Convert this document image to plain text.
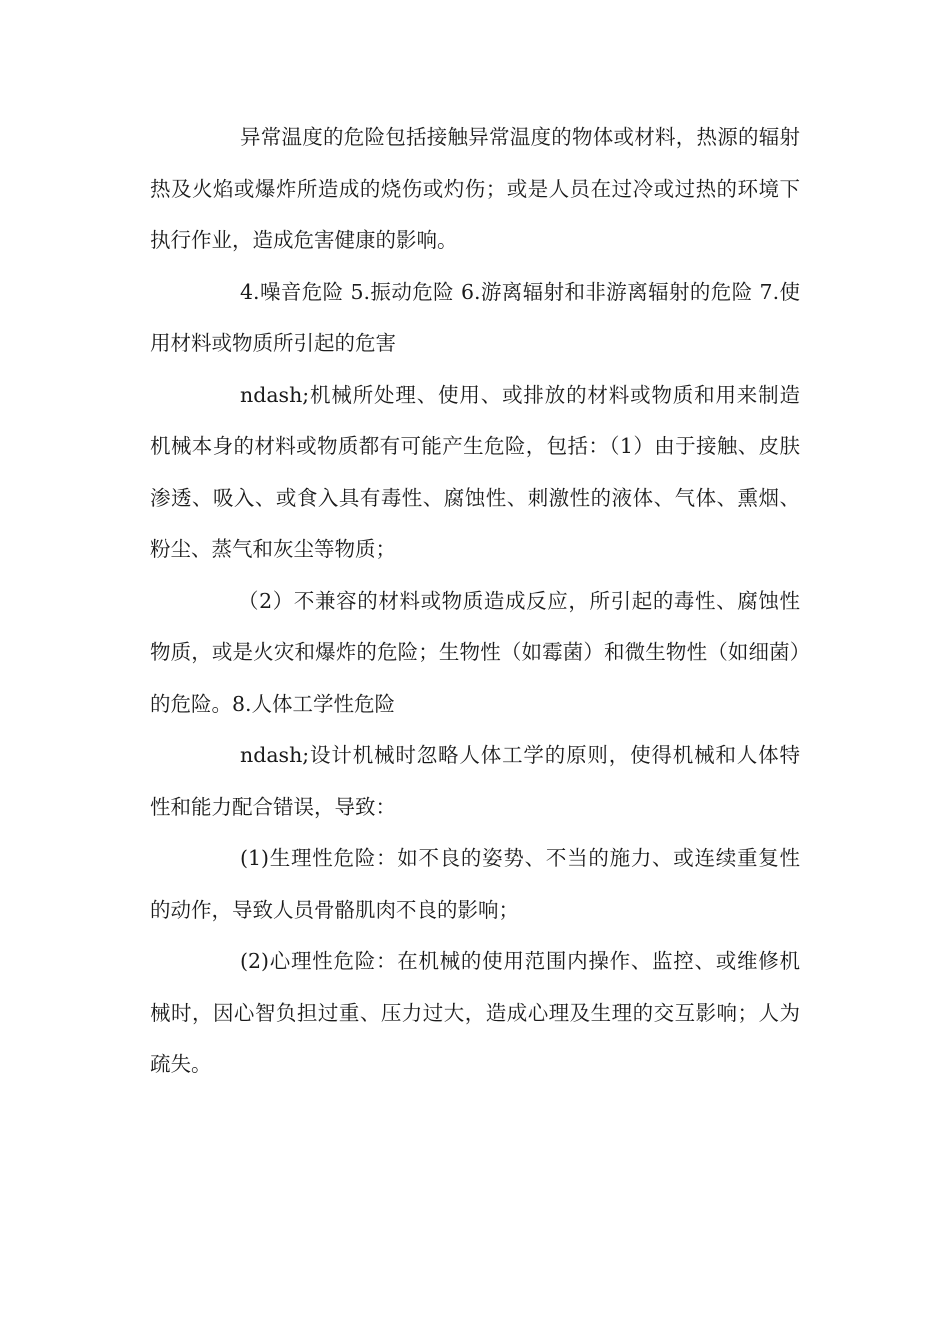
异常温度的危险包括接触异常温度的物体或材料，热源的辐射热及火焰或爆炸所造成的烧伤或灼伤；或是人员在过冷或过热的环境下执行作业，造成危害健康的影响。

4.噪音危险 5.振动危险 6.游离辐射和非游离辐射的危险 7.使用材料或物质所引起的危害

ndash;机械所处理、使用、或排放的材料或物质和用来制造机械本身的材料或物质都有可能产生危险，包括：（1）由于接触、皮肤渗透、吸入、或食入具有毒性、腐蚀性、刺激性的液体、气体、熏烟、粉尘、蒸气和灰尘等物质；

（2）不兼容的材料或物质造成反应，所引起的毒性、腐蚀性物质，或是火灾和爆炸的危险；生物性（如霉菌）和微生物性（如细菌）的危险。8.人体工学性危险

ndash;设计机械时忽略人体工学的原则，使得机械和人体特性和能力配合错误，导致：

(1)生理性危险：如不良的姿势、不当的施力、或连续重复性的动作，导致人员骨骼肌肉不良的影响；

(2)心理性危险：在机械的使用范围内操作、监控、或维修机械时，因心智负担过重、压力过大，造成心理及生理的交互影响；人为疏失。
